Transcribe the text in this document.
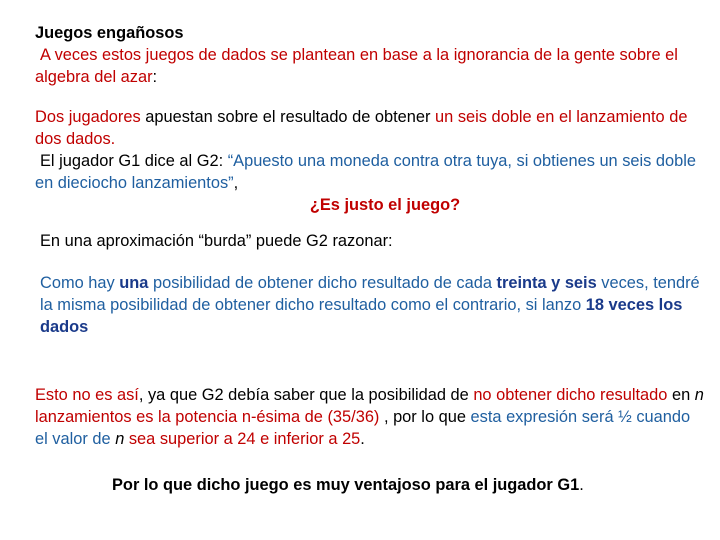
Juegos engañosos
A veces estos juegos de dados se plantean en base a la ignorancia de la gente sobre el algebra del azar:

Dos jugadores apuestan sobre el resultado de obtener un seis doble en el lanzamiento de dos dados.
El jugador G1 dice al G2: “Apuesto una moneda contra otra tuya, si obtienes un seis doble en dieciocho lanzamientos”,

¿Es justo el juego?

En una aproximación “burda” puede G2 razonar:

Como hay una posibilidad de obtener dicho resultado de cada treinta y seis veces, tendré la misma posibilidad de obtener dicho resultado como el contrario, si lanzo 18 veces los dados

Esto no es así, ya que G2 debía saber que la posibilidad de no obtener dicho resultado en n lanzamientos es la potencia n-ésima de (35/36) , por lo que esta expresión será ½ cuando el valor de n sea superior a 24 e inferior a 25.

Por lo que dicho juego es muy ventajoso para el jugador G1.
